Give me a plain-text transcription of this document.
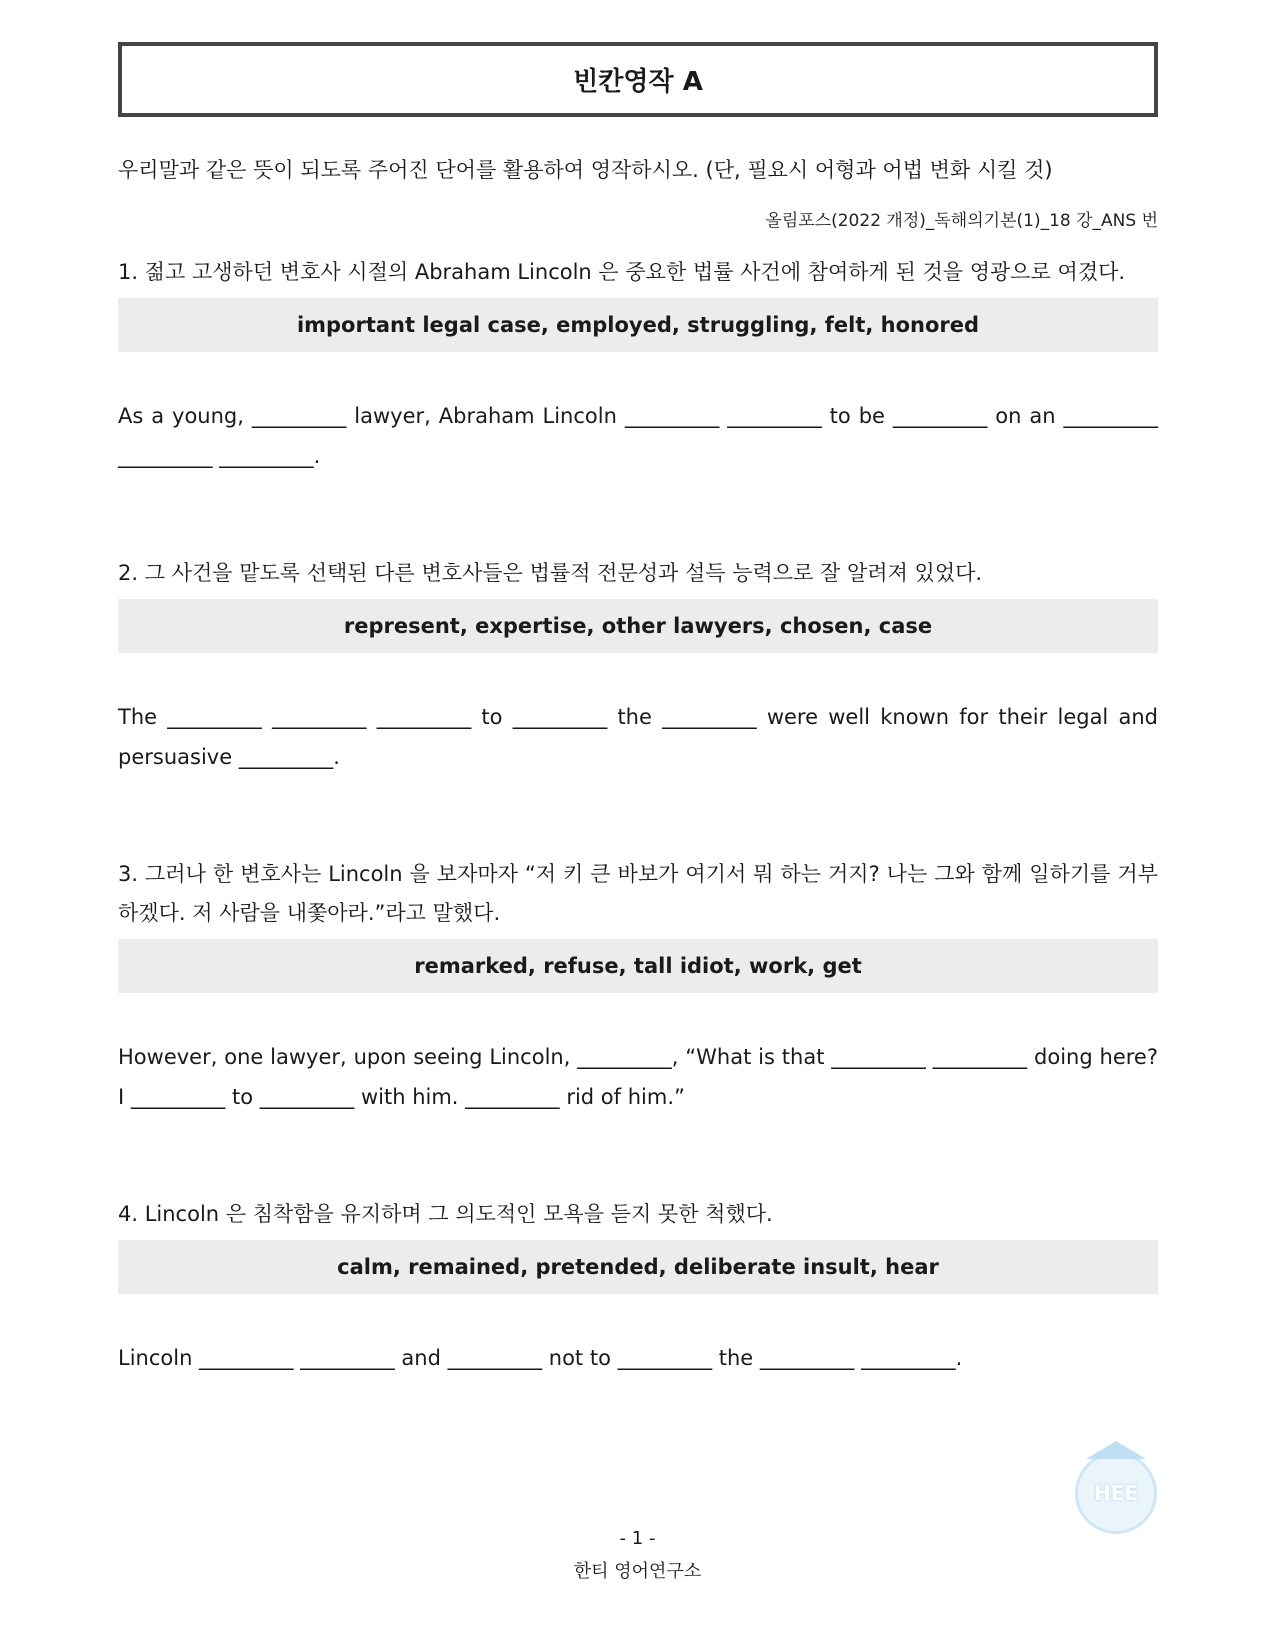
빈칸영작 A
우리말과 같은 뜻이 되도록 주어진 단어를 활용하여 영작하시오. (단, 필요시 어형과 어법 변화 시킬 것)
올림포스(2022 개정)_독해의기본(1)_18 강_ANS 번
1. 젊고 고생하던 변호사 시절의 Abraham Lincoln 은 중요한 법률 사건에 참여하게 된 것을 영광으로 여겼다.
important legal case, employed, struggling, felt, honored
As a young, _________ lawyer, Abraham Lincoln _________ _________ to be _________ on an _________ _________ _________.
2. 그 사건을 맡도록 선택된 다른 변호사들은 법률적 전문성과 설득 능력으로 잘 알려져 있었다.
represent, expertise, other lawyers, chosen, case
The _________ _________ _________ to _________ the _________ were well known for their legal and persuasive _________.
3. 그러나 한 변호사는 Lincoln 을 보자마자 “저 키 큰 바보가 여기서 뭐 하는 거지? 나는 그와 함께 일하기를 거부하겠다. 저 사람을 내쫓아라.”라고 말했다.
remarked, refuse, tall idiot, work, get
However, one lawyer, upon seeing Lincoln, _________, “What is that _________ _________ doing here? I _________ to _________ with him. _________ rid of him.”
4. Lincoln 은 침착함을 유지하며 그 의도적인 모욕을 듣지 못한 척했다.
calm, remained, pretended, deliberate insult, hear
Lincoln _________ _________ and _________ not to _________ the _________ _________.
HEE
- 1 -
한티 영어연구소
